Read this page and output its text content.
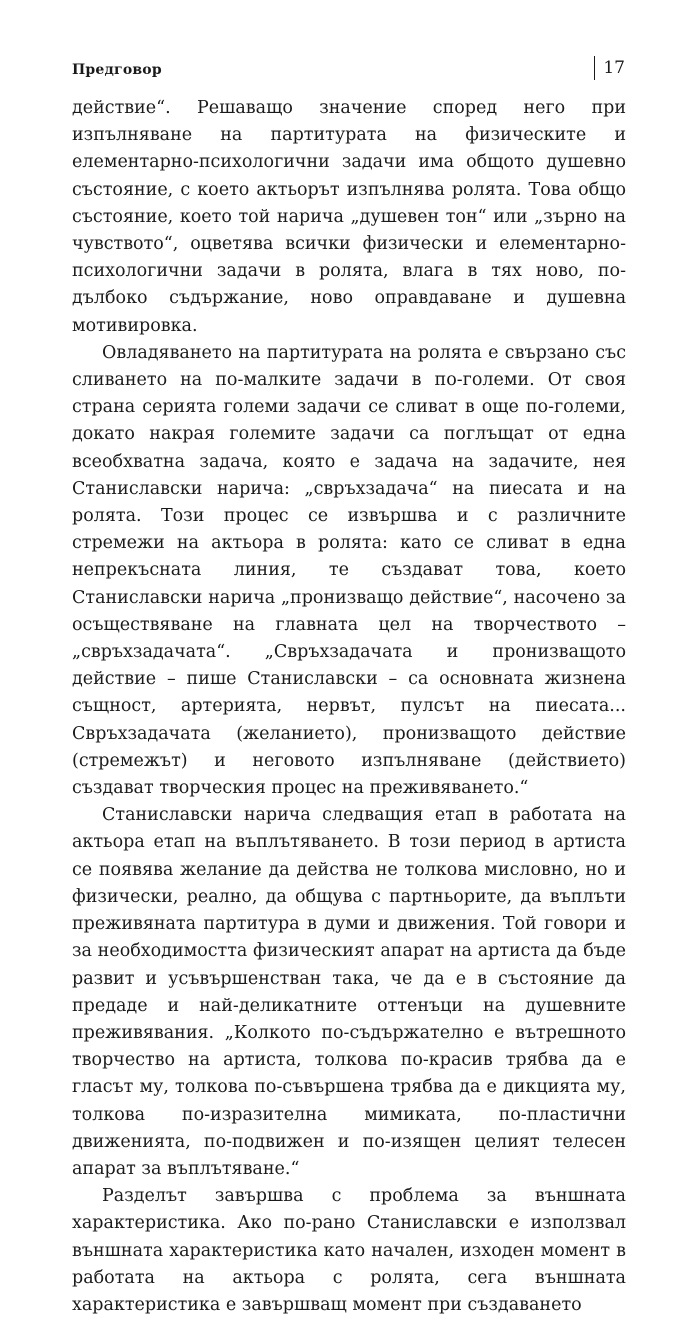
Предговор	17

действие“. Решаващо значение според него при изпълняване на партитурата на физическите и елементарно-психологични задачи има общото душевно състояние, с което актьорът изпълнява ролята. Това общо състояние, което той нарича „душевен тон“ или „зърно на чувството“, оцветява всички физически и елементарно-психологични задачи в ролята, влага в тях ново, по-дълбоко съдържание, ново оправдаване и душевна мотивировка.

Овладяването на партитурата на ролята е свързано със сливането на по-малките задачи в по-големи. От своя страна серията големи задачи се сливат в още по-големи, докато накрая големите задачи са поглъщат от една всеобхватна задача, която е задача на задачите, нея Станиславски нарича: „свръхзадача“ на пиесата и на ролята. Този процес се извършва и с различните стремежи на актьора в ролята: като се сливат в една непрекъсната линия, те създават това, което Станиславски нарича „пронизващо действие“, насочено за осъществяване на главната цел на творчеството – „свръхзадачата“. „Свръхзадачата и пронизващото действие – пише Станиславски – са основната жизнена същност, артерията, нервът, пулсът на пиесата... Свръхзадачата (желанието), пронизващото действие (стремежът) и неговото изпълняване (действието) създават творческия процес на преживяването.“

Станиславски нарича следващия етап в работата на актьора етап на въплътяването. В този период в артиста се появява желание да действа не толкова мисловно, но и физически, реално, да общува с партньорите, да въплъти преживяната партитура в думи и движения. Той говори и за необходимостта физическият апарат на артиста да бъде развит и усъвършенстван така, че да е в състояние да предаде и най-деликатните оттенъци на душевните преживявания. „Колкото по-съдържателно е вътрешното творчество на артиста, толкова по-красив трябва да е гласът му, толкова по-съвършена трябва да е дикцията му, толкова по-изразителна мимиката, по-пластични движенията, по-подвижен и по-изящен целият телесен апарат за въплътяване.“

Разделът завършва с проблема за външната характеристика. Ако по-рано Станиславски е използвал външната характеристика като начален, изходен момент в работата на актьора с ролята, сега външната характеристика е завършващ момент при създаването
